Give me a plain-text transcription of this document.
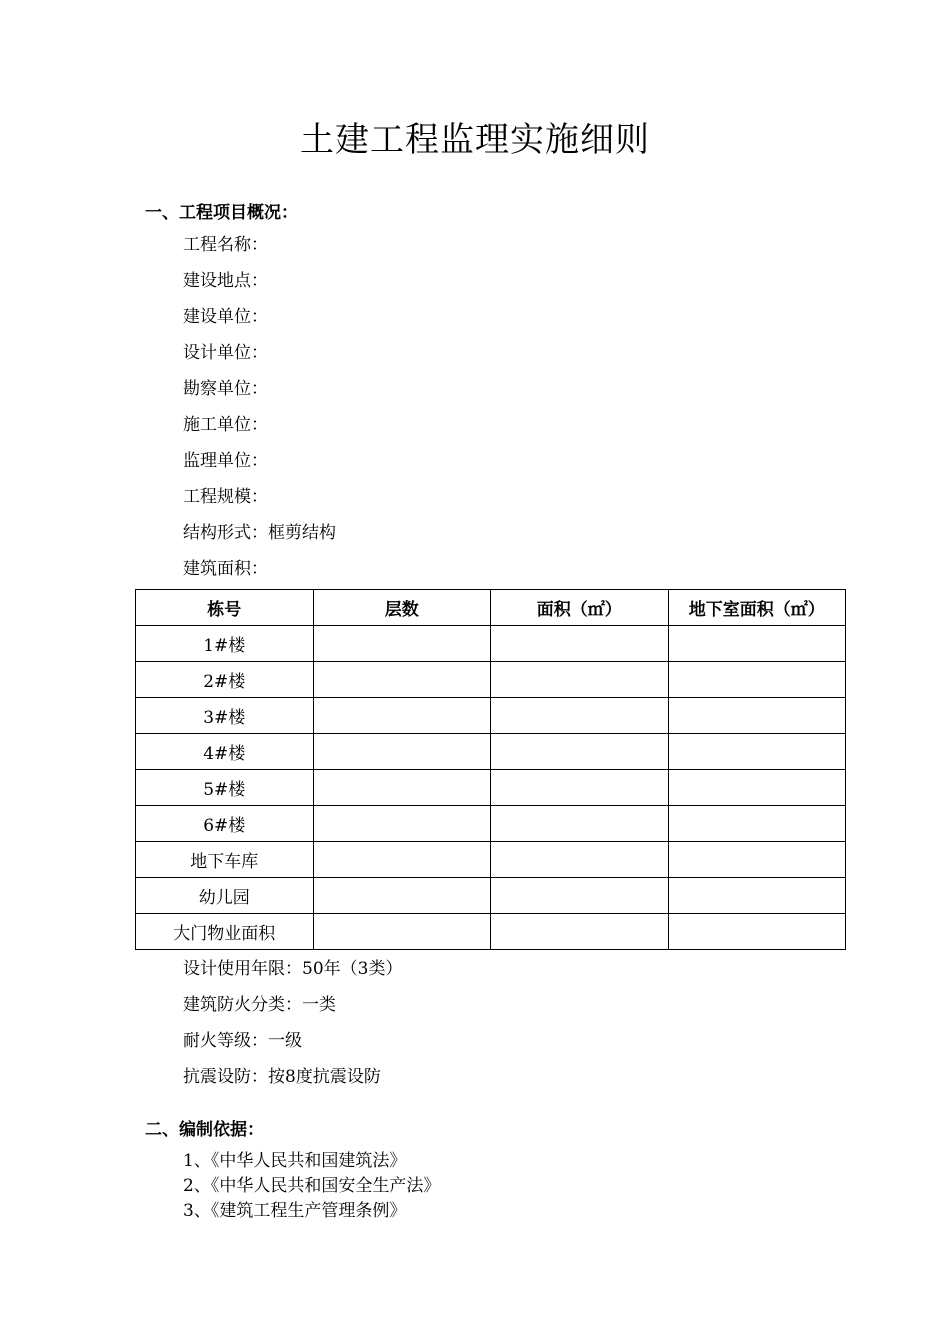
土建工程监理实施细则
一、工程项目概况：
工程名称：
建设地点：
建设单位：
设计单位：
勘察单位：
施工单位：
监理单位：
工程规模：
结构形式：框剪结构
建筑面积：
栋号	层数	面积（㎡）	地下室面积（㎡）
1#楼			
2#楼			
3#楼			
4#楼			
5#楼			
6#楼			
地下车库			
幼儿园			
大门物业面积			
设计使用年限：50年（3类）
建筑防火分类：一类
耐火等级：一级
抗震设防：按8度抗震设防
二、编制依据：
1、《中华人民共和国建筑法》
2、《中华人民共和国安全生产法》
3、《建筑工程生产管理条例》
